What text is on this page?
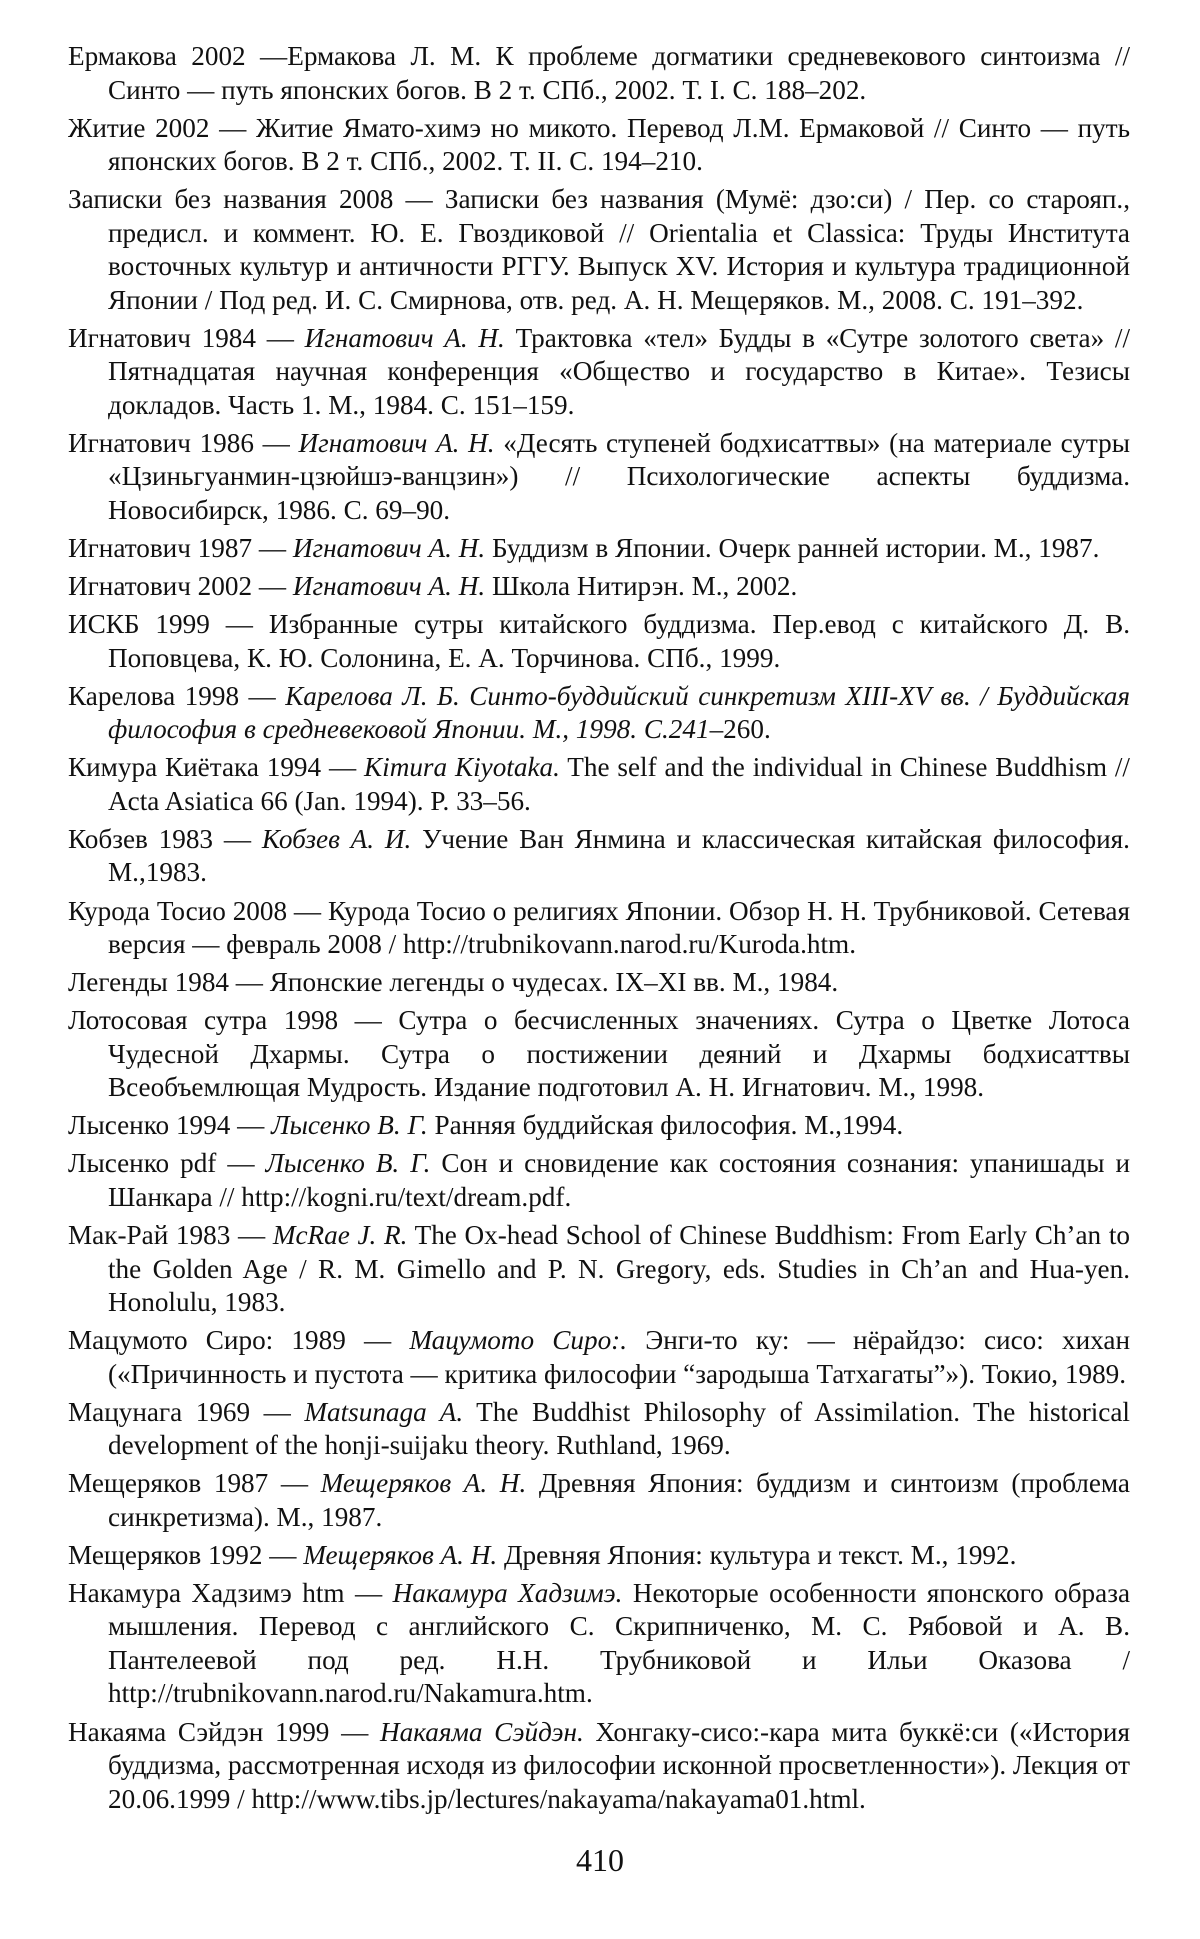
Ермакова 2002 —Ермакова Л. М. К проблеме догматики средневекового синтоизма // Синто — путь японских богов. В 2 т. СПб., 2002. Т. I. С. 188–202.

Житие 2002 — Житие Ямато-химэ но микото. Перевод Л.М. Ермаковой // Синто — путь японских богов. В 2 т. СПб., 2002. Т. II. С. 194–210.

Записки без названия 2008 — Записки без названия (Мумё: дзо:си) / Пер. со старояп., предисл. и коммент. Ю. Е. Гвоздиковой // Orientalia et Classica: Труды Института восточных культур и античности РГГУ. Выпуск XV. История и культура традиционной Японии / Под ред. И. С. Смирнова, отв. ред. А. Н. Мещеряков. М., 2008. С. 191–392.

Игнатович 1984 — Игнатович А. Н. Трактовка «тел» Будды в «Сутре золотого света» // Пятнадцатая научная конференция «Общество и государство в Китае». Тезисы докладов. Часть 1. М., 1984. С. 151–159.

Игнатович 1986 — Игнатович А. Н. «Десять ступеней бодхисаттвы» (на материале сутры «Цзиньгуанмин-цзюйшэ-ванцзин») // Психологические аспекты буддизма. Новосибирск, 1986. С. 69–90.

Игнатович 1987 — Игнатович А. Н. Буддизм в Японии. Очерк ранней истории. М., 1987.

Игнатович 2002 — Игнатович А. Н. Школа Нитирэн. М., 2002.

ИСКБ 1999 — Избранные сутры китайского буддизма. Пер.евод с китайского Д. В. Поповцева, К. Ю. Солонина, Е. А. Торчинова. СПб., 1999.

Карелова 1998 — Карелова Л. Б. Синто-буддийский синкретизм XIII-XV вв. / Буддийская философия в средневековой Японии. М., 1998. С.241–260.

Кимура Киётака 1994 — Kimura Kiyotaka. The self and the individual in Chinese Buddhism // Acta Asiatica 66 (Jan. 1994). P. 33–56.

Кобзев 1983 — Кобзев А. И. Учение Ван Янмина и классическая китайская философия. М.,1983.

Курода Тосио 2008 — Курода Тосио о религиях Японии. Обзор Н. Н. Трубниковой. Сетевая версия — февраль 2008 / http://trubnikovann.narod.ru/Kuroda.htm.

Легенды 1984 — Японские легенды о чудесах. IX–XI вв. М., 1984.

Лотосовая сутра 1998 — Сутра о бесчисленных значениях. Сутра о Цветке Лотоса Чудесной Дхармы. Сутра о постижении деяний и Дхармы бодхисаттвы Всеобъемлющая Мудрость. Издание подготовил А. Н. Игнатович. М., 1998.

Лысенко 1994 — Лысенко В. Г. Ранняя буддийская философия. М.,1994.

Лысенко pdf — Лысенко В. Г. Сон и сновидение как состояния сознания: упанишады и Шанкара // http://kogni.ru/text/dream.pdf.

Мак-Рай 1983 — McRae J. R. The Ox-head School of Chinese Buddhism: From Early Ch’an to the Golden Age / R. M. Gimello and P. N. Gregory, eds. Studies in Ch’an and Hua-yen. Honolulu, 1983.

Мацумото Сиро: 1989 — Мацумото Сиро:. Энги-то ку: — нёрайдзо: сисо: хихан («Причинность и пустота — критика философии “зародыша Татхагаты”»). Токио, 1989.

Мацунага 1969 — Matsunaga A. The Buddhist Philosophy of Assimilation. The historical development of the honji-suijaku theory. Ruthland, 1969.

Мещеряков 1987 — Мещеряков А. Н. Древняя Япония: буддизм и синтоизм (проблема синкретизма). М., 1987.

Мещеряков 1992 — Мещеряков А. Н. Древняя Япония: культура и текст. М., 1992.

Накамура Хадзимэ htm — Накамура Хадзимэ. Некоторые особенности японского образа мышления. Перевод с английского С. Скрипниченко, М. С. Рябовой и А. В. Пантелеевой под ред. Н.Н. Трубниковой и Ильи Оказова / http://trubnikovann.narod.ru/Nakamura.htm.

Накаяма Сэйдэн 1999 — Накаяма Сэйдэн. Хонгаку-сисо:-кара мита буккё:си («История буддизма, рассмотренная исходя из философии исконной просветленности»). Лекция от 20.06.1999 / http://www.tibs.jp/lectures/nakayama/nakayama01.html.

410
